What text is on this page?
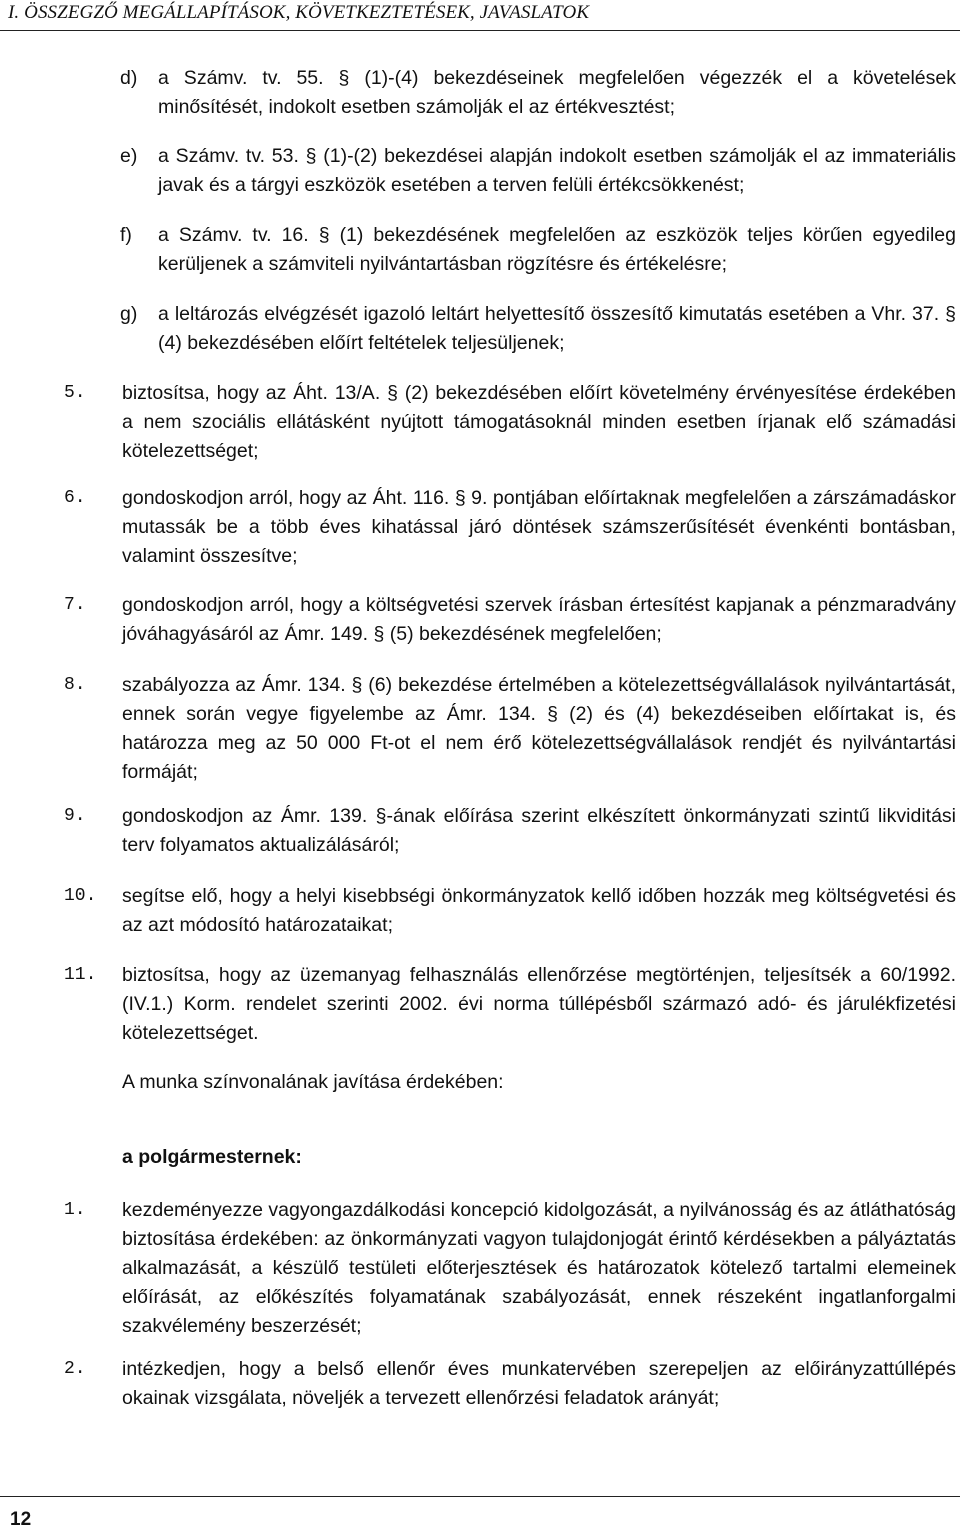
I. ÖSSZEGZŐ MEGÁLLAPÍTÁSOK, KÖVETKEZTETÉSEK, JAVASLATOK
d) a Számv. tv. 55. § (1)-(4) bekezdéseinek megfelelően végezzék el a követelések minősítését, indokolt esetben számolják el az értékvesztést;
e) a Számv. tv. 53. § (1)-(2) bekezdései alapján indokolt esetben számolják el az immateriális javak és a tárgyi eszközök esetében a terven felüli értékcsökkenést;
f) a Számv. tv. 16. § (1) bekezdésének megfelelően az eszközök teljes körűen egyedileg kerüljenek a számviteli nyilvántartásban rögzítésre és értékelésre;
g) a leltározás elvégzését igazoló leltárt helyettesítő összesítő kimutatás esetében a Vhr. 37. § (4) bekezdésében előírt feltételek teljesüljenek;
5. biztosítsa, hogy az Áht. 13/A. § (2) bekezdésében előírt követelmény érvényesítése érdekében a nem szociális ellátásként nyújtott támogatásoknál minden esetben írjanak elő számadási kötelezettséget;
6. gondoskodjon arról, hogy az Áht. 116. § 9. pontjában előírtaknak megfelelően a zárszámadáskor mutassák be a több éves kihatással járó döntések számszerűsítését évenkénti bontásban, valamint összesítve;
7. gondoskodjon arról, hogy a költségvetési szervek írásban értesítést kapjanak a pénzmaradvány jóváhagyásáról az Ámr. 149. § (5) bekezdésének megfelelően;
8. szabályozza az Ámr. 134. § (6) bekezdése értelmében a kötelezettségvállalások nyilvántartását, ennek során vegye figyelembe az Ámr. 134. § (2) és (4) bekezdéseiben előírtakat is, és határozza meg az 50 000 Ft-ot el nem érő kötelezettségvállalások rendjét és nyilvántartási formáját;
9. gondoskodjon az Ámr. 139. §-ának előírása szerint elkészített önkormányzati szintű likviditási terv folyamatos aktualizálásáról;
10. segítse elő, hogy a helyi kisebbségi önkormányzatok kellő időben hozzák meg költségvetési és az azt módosító határozataikat;
11. biztosítsa, hogy az üzemanyag felhasználás ellenőrzése megtörténjen, teljesítsék a 60/1992. (IV.1.) Korm. rendelet szerinti 2002. évi norma túllépésből származó adó- és járulékfizetési kötelezettséget.
A munka színvonalának javítása érdekében:
a polgármesternek:
1. kezdeményezze vagyongazdálkodási koncepció kidolgozását, a nyilvánosság és az átláthatóság biztosítása érdekében: az önkormányzati vagyon tulajdonjogát érintő kérdésekben a pályáztatás alkalmazását, a készülő testületi előterjesztések és határozatok kötelező tartalmi elemeinek előírását, az előkészítés folyamatának szabályozását, ennek részeként ingatlanforgalmi szakvélemény beszerzését;
2. intézkedjen, hogy a belső ellenőr éves munkatervében szerepeljen az előirányzattúllépés okainak vizsgálata, növeljék a tervezett ellenőrzési feladatok arányát;
12
